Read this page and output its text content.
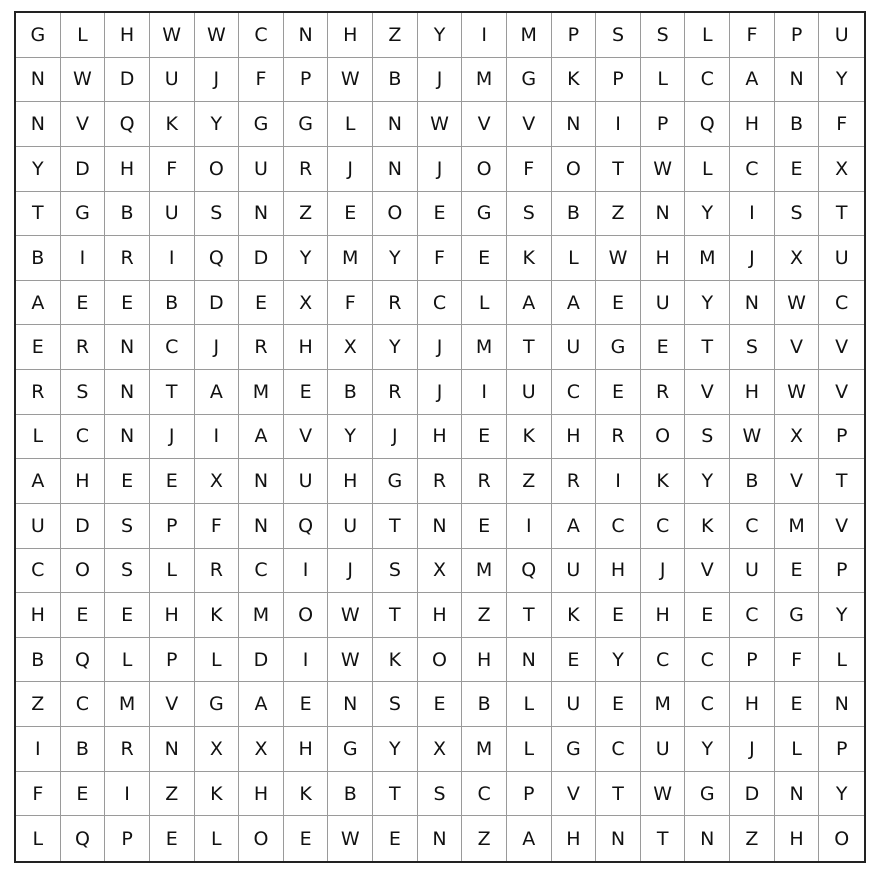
G	L	H	W	W	C	N	H	Z	Y	I	M	P	S	S	L	F	P	U
N	W	D	U	J	F	P	W	B	J	M	G	K	P	L	C	A	N	Y
N	V	Q	K	Y	G	G	L	N	W	V	V	N	I	P	Q	H	B	F
Y	D	H	F	O	U	R	J	N	J	O	F	O	T	W	L	C	E	X
T	G	B	U	S	N	Z	E	O	E	G	S	B	Z	N	Y	I	S	T
B	I	R	I	Q	D	Y	M	Y	F	E	K	L	W	H	M	J	X	U
A	E	E	B	D	E	X	F	R	C	L	A	A	E	U	Y	N	W	C
E	R	N	C	J	R	H	X	Y	J	M	T	U	G	E	T	S	V	V
R	S	N	T	A	M	E	B	R	J	I	U	C	E	R	V	H	W	V
L	C	N	J	I	A	V	Y	J	H	E	K	H	R	O	S	W	X	P
A	H	E	E	X	N	U	H	G	R	R	Z	R	I	K	Y	B	V	T
U	D	S	P	F	N	Q	U	T	N	E	I	A	C	C	K	C	M	V
C	O	S	L	R	C	I	J	S	X	M	Q	U	H	J	V	U	E	P
H	E	E	H	K	M	O	W	T	H	Z	T	K	E	H	E	C	G	Y
B	Q	L	P	L	D	I	W	K	O	H	N	E	Y	C	C	P	F	L
Z	C	M	V	G	A	E	N	S	E	B	L	U	E	M	C	H	E	N
I	B	R	N	X	X	H	G	Y	X	M	L	G	C	U	Y	J	L	P
F	E	I	Z	K	H	K	B	T	S	C	P	V	T	W	G	D	N	Y
L	Q	P	E	L	O	E	W	E	N	Z	A	H	N	T	N	Z	H	O
